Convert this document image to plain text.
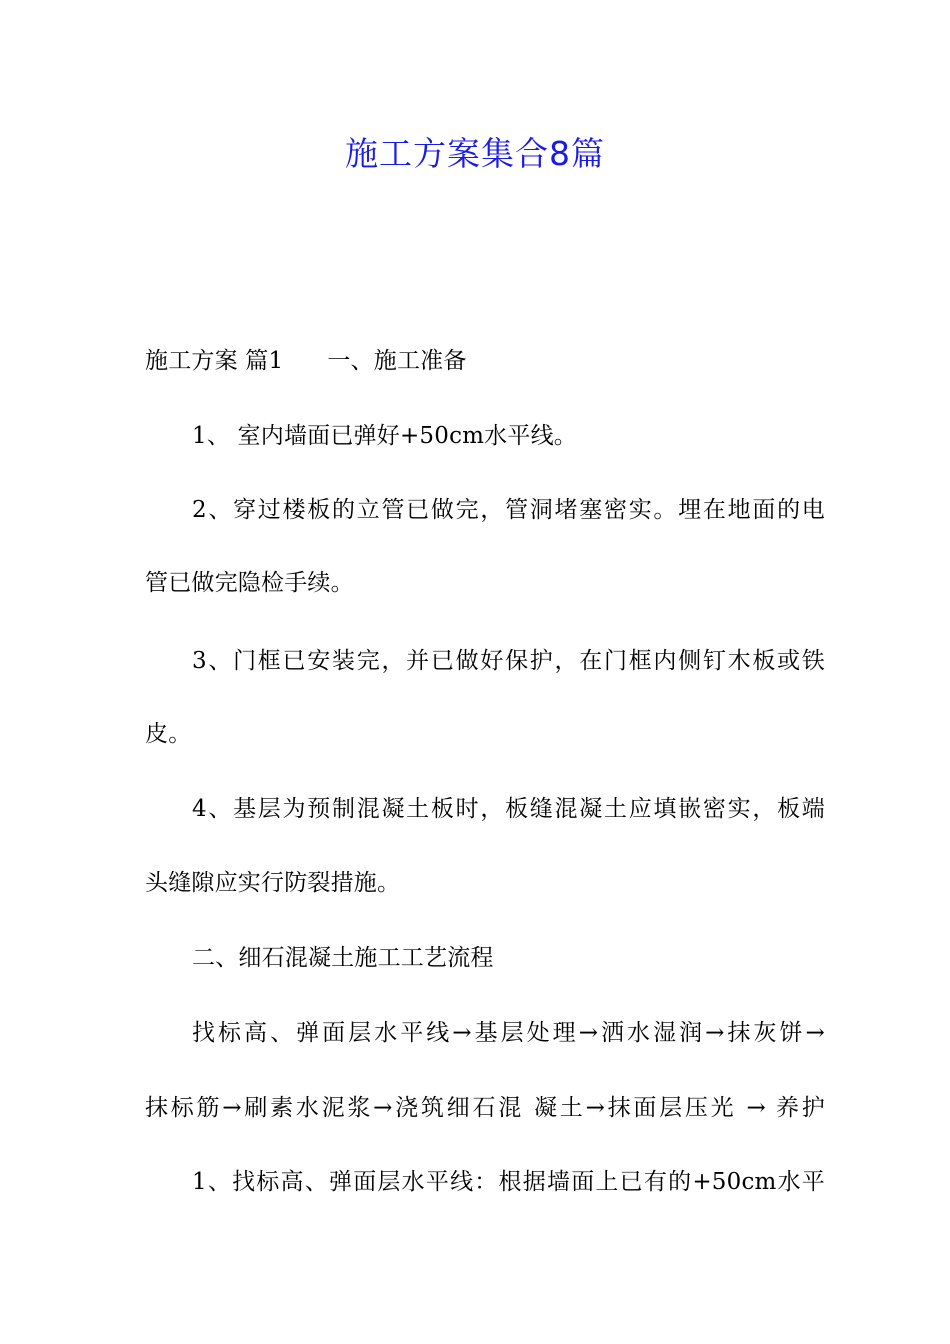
施工方案集合8篇
施工方案 篇1 一、施工准备
1、 室内墙面已弹好+50cm水平线。
2、穿过楼板的立管已做完，管洞堵塞密实。埋在地面的电
管已做完隐检手续。
3、门框已安装完，并已做好保护，在门框内侧钉木板或铁
皮。
4、基层为预制混凝土板时，板缝混凝土应填嵌密实，板端
头缝隙应实行防裂措施。
二、细石混凝土施工工艺流程
找标高、弹面层水平线→基层处理→洒水湿润→抹灰饼→
抹标筋→刷素水泥浆→浇筑细石混 凝土→抹面层压光 → 养护
1、找标高、弹面层水平线：根据墙面上已有的+50cm水平
